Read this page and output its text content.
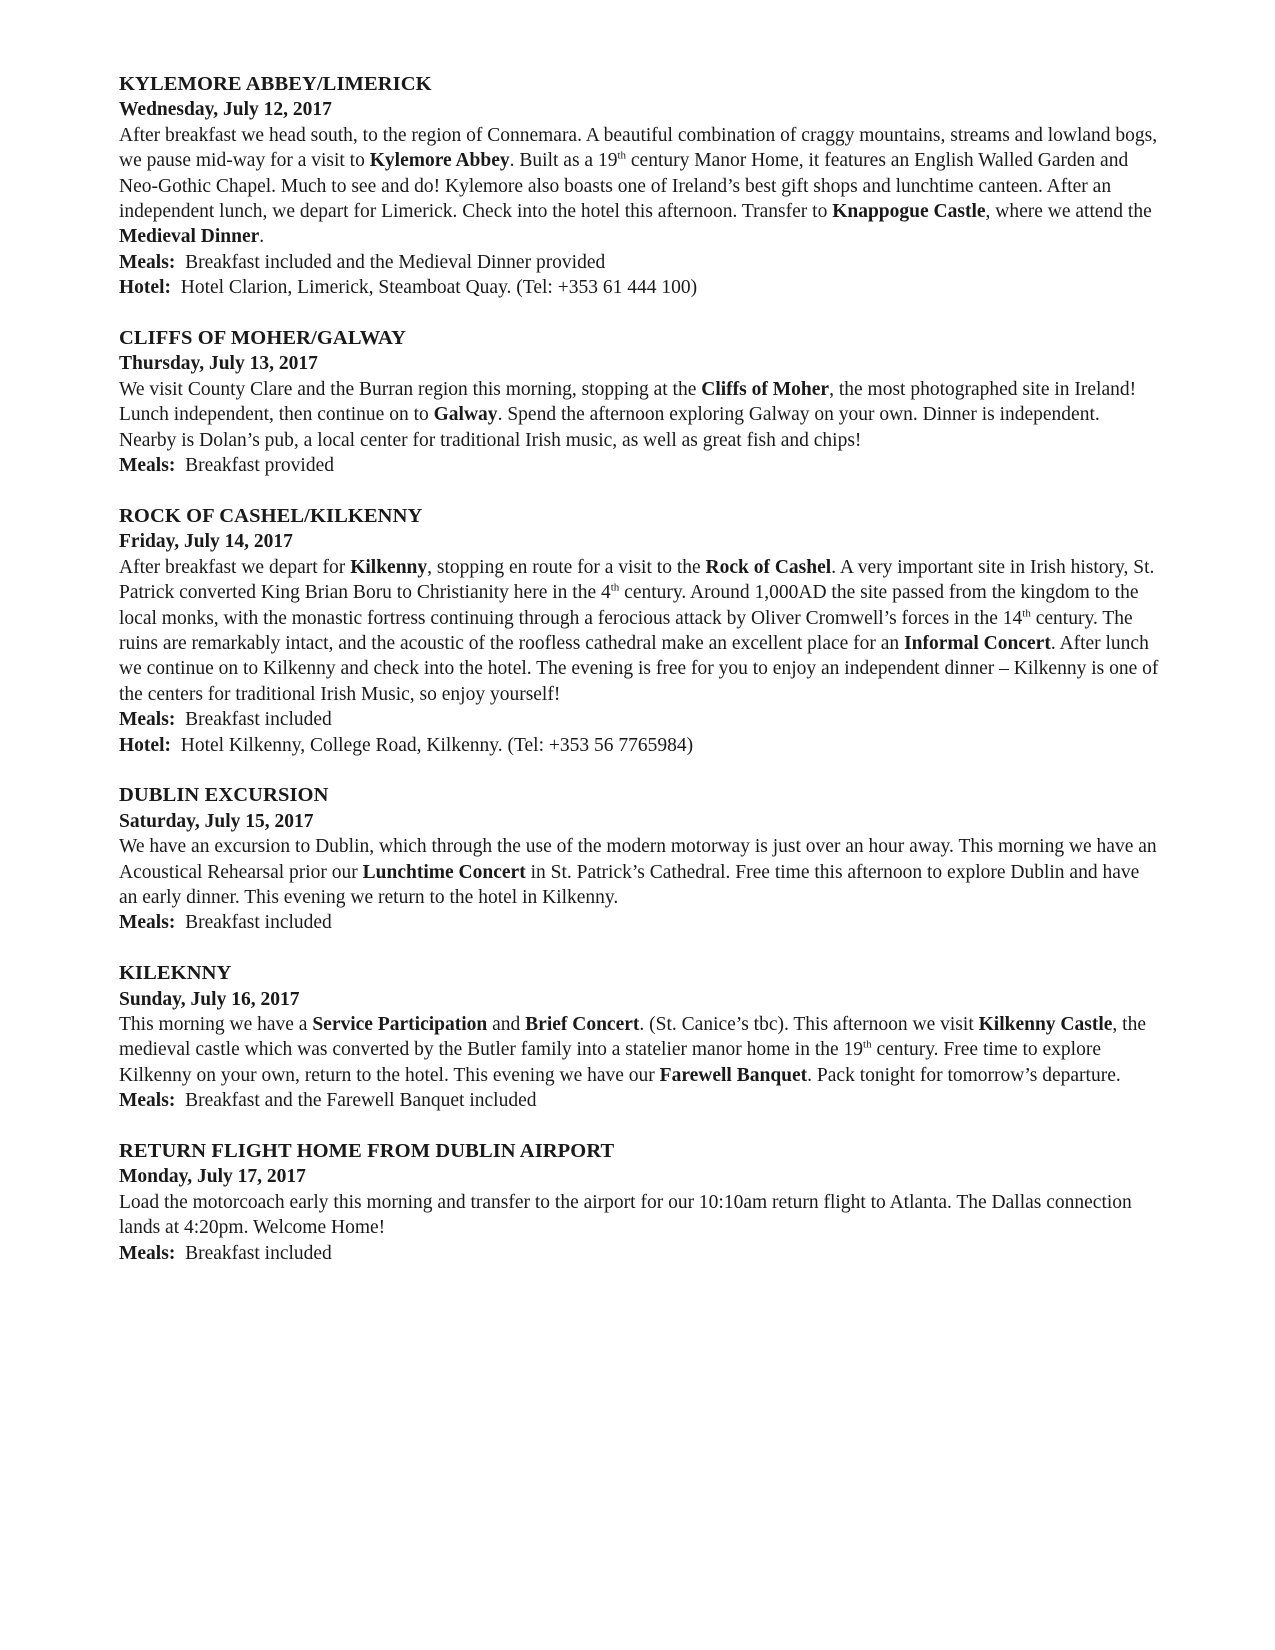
KYLEMORE ABBEY/LIMERICK
Wednesday, July 12, 2017
After breakfast we head south, to the region of Connemara. A beautiful combination of craggy mountains, streams and lowland bogs, we pause mid-way for a visit to Kylemore Abbey. Built as a 19th century Manor Home, it features an English Walled Garden and Neo-Gothic Chapel. Much to see and do! Kylemore also boasts one of Ireland’s best gift shops and lunchtime canteen. After an independent lunch, we depart for Limerick. Check into the hotel this afternoon. Transfer to Knappogue Castle, where we attend the Medieval Dinner.
Meals: Breakfast included and the Medieval Dinner provided
Hotel: Hotel Clarion, Limerick, Steamboat Quay. (Tel: +353 61 444 100)
CLIFFS OF MOHER/GALWAY
Thursday, July 13, 2017
We visit County Clare and the Burran region this morning, stopping at the Cliffs of Moher, the most photographed site in Ireland! Lunch independent, then continue on to Galway. Spend the afternoon exploring Galway on your own. Dinner is independent. Nearby is Dolan’s pub, a local center for traditional Irish music, as well as great fish and chips!
Meals: Breakfast provided
ROCK OF CASHEL/KILKENNY
Friday, July 14, 2017
After breakfast we depart for Kilkenny, stopping en route for a visit to the Rock of Cashel. A very important site in Irish history, St. Patrick converted King Brian Boru to Christianity here in the 4th century. Around 1,000AD the site passed from the kingdom to the local monks, with the monastic fortress continuing through a ferocious attack by Oliver Cromwell’s forces in the 14th century. The ruins are remarkably intact, and the acoustic of the roofless cathedral make an excellent place for an Informal Concert. After lunch we continue on to Kilkenny and check into the hotel. The evening is free for you to enjoy an independent dinner – Kilkenny is one of the centers for traditional Irish Music, so enjoy yourself!
Meals: Breakfast included
Hotel: Hotel Kilkenny, College Road, Kilkenny. (Tel: +353 56 7765984)
DUBLIN EXCURSION
Saturday, July 15, 2017
We have an excursion to Dublin, which through the use of the modern motorway is just over an hour away. This morning we have an Acoustical Rehearsal prior our Lunchtime Concert in St. Patrick’s Cathedral. Free time this afternoon to explore Dublin and have an early dinner. This evening we return to the hotel in Kilkenny.
Meals: Breakfast included
KILEKNNY
Sunday, July 16, 2017
This morning we have a Service Participation and Brief Concert. (St. Canice’s tbc). This afternoon we visit Kilkenny Castle, the medieval castle which was converted by the Butler family into a statelier manor home in the 19th century. Free time to explore Kilkenny on your own, return to the hotel. This evening we have our Farewell Banquet. Pack tonight for tomorrow’s departure.
Meals: Breakfast and the Farewell Banquet included
RETURN FLIGHT HOME FROM DUBLIN AIRPORT
Monday, July 17, 2017
Load the motorcoach early this morning and transfer to the airport for our 10:10am return flight to Atlanta. The Dallas connection lands at 4:20pm. Welcome Home!
Meals: Breakfast included
